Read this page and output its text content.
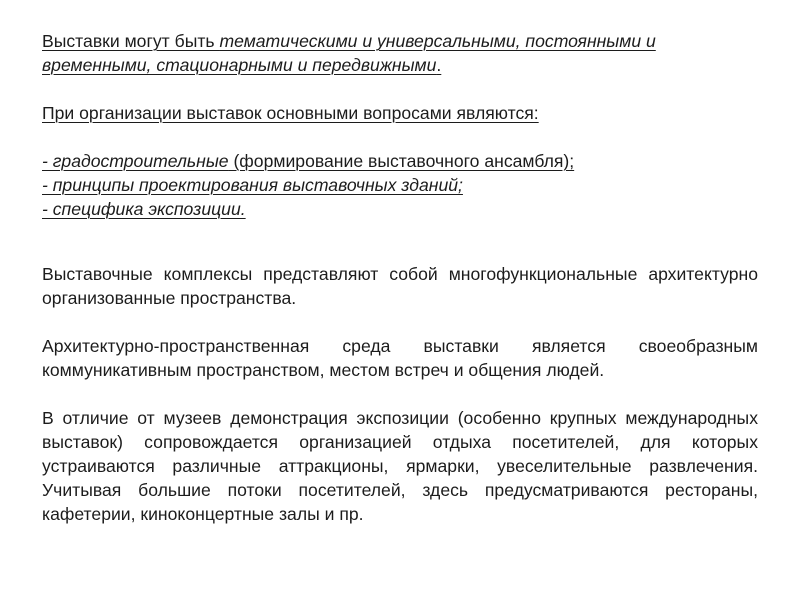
Выставки могут быть тематическими и универсальными, постоянными и
временными, стационарными и передвижными.

При организации выставок основными вопросами являются:

- градостроительные (формирование выставочного ансамбля);

- принципы проектирования выставочных зданий;

- специфика экспозиции.

Выставочные комплексы представляют собой многофункциональные архитектурно организованные пространства.

Архитектурно-пространственная среда выставки является своеобразным коммуникативным пространством, местом встреч и общения людей.

В отличие от музеев демонстрация экспозиции (особенно крупных международных выставок) сопровождается организацией отдыха посетителей, для которых устраиваются различные аттракционы, ярмарки, увеселительные развлечения. Учитывая большие потоки посетителей, здесь предусматриваются рестораны, кафетерии, киноконцертные залы и пр.
